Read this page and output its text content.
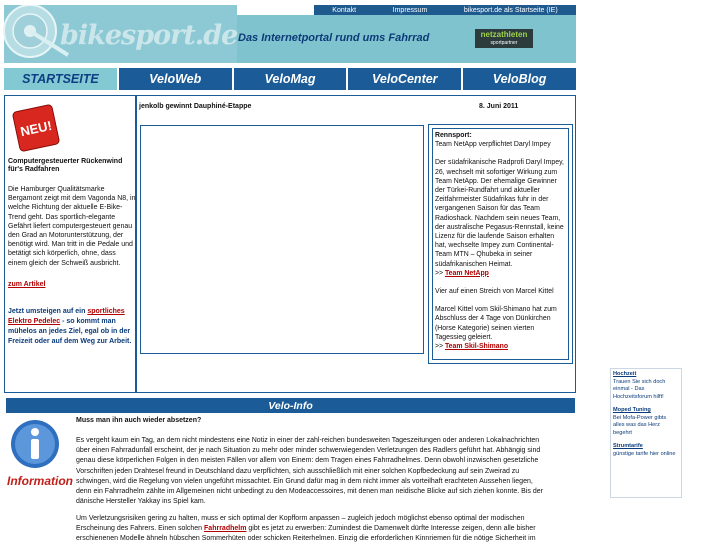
Kontakt	Impressum	bikesport.de als Startseite (IE)
bikesport.de Das Internetportal rund ums Fahrrad	netzathleten
sportpartner
STARTSEITE	VeloWeb	VeloMag	VeloCenter	VeloBlog
NEU!
Computergesteuerter Rückenwind für's Radfahren
Die Hamburger Qualitätsmarke Bergamont zeigt mit dem Vagonda N8, in welche Richtung der aktuelle E-Bike-Trend geht. Das sportlich-elegante Gefährt liefert computergesteuert genau den Grad an Motorunterstützung, der benötigt wird. Man tritt in die Pedale und betätigt sich körperlich, ohne, dass einem gleich der Schweiß ausbricht.
zum Artikel
Jetzt umsteigen auf ein sportliches Elektro Pedelec - so kommt man mühelos an jedes Ziel, egal ob in der Freizeit oder auf dem Weg zur Arbeit.
jenkolb gewinnt Dauphiné-Etappe	8. Juni 2011
Rennsport:
Team NetApp verpflichtet Daryl Impey
Der südafrikanische Radprofi Daryl Impey, 26, wechselt mit sofortiger Wirkung zum Team NetApp. Der ehemalige Gewinner der Türkei-Rundfahrt und aktueller Zeitfahrmeister Südafrikas fuhr in der vergangenen Saison für das Team Radioshack. Nachdem sein neues Team, der australische Pegasus-Rennstall, keine Lizenz für die laufende Saison erhalten hat, wechselte Impey zum Continental-Team MTN – Qhubeka in seiner südafrikanischen Heimat.
>> Team NetApp
Vier auf einen Streich von Marcel Kittel
Marcel Kittel vom Skil-Shimano hat zum Abschluss der 4 Tage von Dünkirchen (Horse Kategorie) seinen vierten Tagessieg geleiert.
>> Team Skil-Shimano
Velo-Info
Information
Muss man ihn auch wieder absetzen?
Es vergeht kaum ein Tag, an dem nicht mindestens eine Notiz in einer der zahl-reichen bundesweiten Tageszeitungen oder anderen Lokalnachrichten über einen Fahrradunfall erscheint, der je nach Situation zu mehr oder minder schwerwiegenden Verletzungen des Radlers geführt hat. Abhängig sind genau diese körperlichen Folgen in den meisten Fällen vor allem von Einem: dem Tragen eines Fahrradhelmes. Denn obwohl inzwischen gesetzliche Vorschriften jeden Drahtesel freund in Deutschland dazu verpflichten, sich ausschließlich mit einer solchen Kopfbedeckung auf sein Zweirad zu schwingen, wird die Regelung von vielen ungeführt missachtet. Ein Grund dafür mag in dem nicht immer als vorteilhaft erachteten Aussehen liegen, denn ein Fahrradhelm zählte im Allgemeinen nicht unbedingt zu den Modeaccessoires, mit denen man neidische Blicke auf sich ziehen konnte. Bis der dänische Hersteller Yakkay ins Spiel kam.
Um Verletzungsrisiken gering zu halten, muss er sich optimal der Kopfform anpassen – zugleich jedoch möglichst ebenso optimal der modischen Erscheinung des Fahrers. Einen solchen Fahrradhelm gibt es jetzt zu erwerben: Zumindest die Damenwelt dürfte Interesse zeigen, denn alle bisher erschienenen Modelle ähneln hübschen Sommerhüten oder schicken Reiterhelmen. Einzig die erforderlichen Kinnriemen für die nötige Sicherheit im
Hochzeit
Trauen Sie sich doch einmal - Das Hochzeitsforum hilft!
Moped Tuning
Bei Mofa-Power gibts alles was das Herz begehrt
Strumtarife
günstige tarife hier online
